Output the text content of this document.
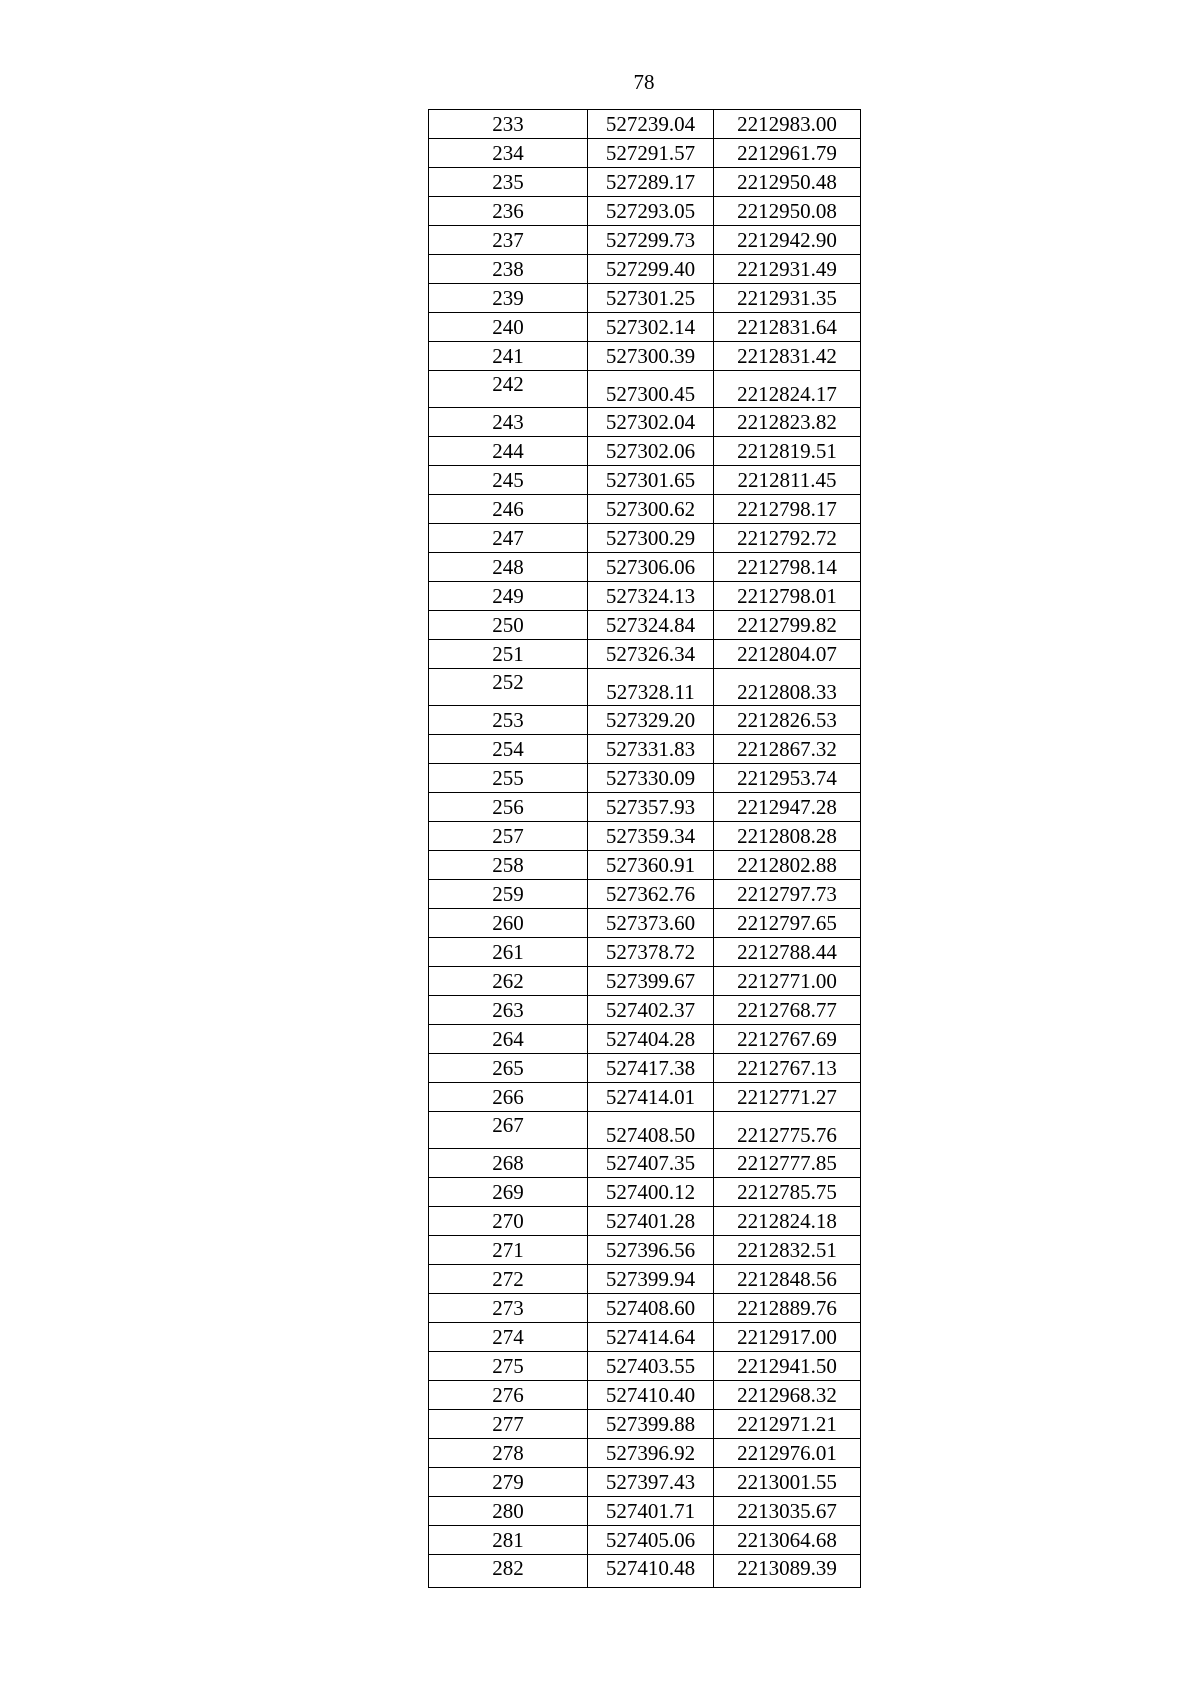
78
233	527239.04	2212983.00
234	527291.57	2212961.79
235	527289.17	2212950.48
236	527293.05	2212950.08
237	527299.73	2212942.90
238	527299.40	2212931.49
239	527301.25	2212931.35
240	527302.14	2212831.64
241	527300.39	2212831.42
242	527300.45	2212824.17
243	527302.04	2212823.82
244	527302.06	2212819.51
245	527301.65	2212811.45
246	527300.62	2212798.17
247	527300.29	2212792.72
248	527306.06	2212798.14
249	527324.13	2212798.01
250	527324.84	2212799.82
251	527326.34	2212804.07
252	527328.11	2212808.33
253	527329.20	2212826.53
254	527331.83	2212867.32
255	527330.09	2212953.74
256	527357.93	2212947.28
257	527359.34	2212808.28
258	527360.91	2212802.88
259	527362.76	2212797.73
260	527373.60	2212797.65
261	527378.72	2212788.44
262	527399.67	2212771.00
263	527402.37	2212768.77
264	527404.28	2212767.69
265	527417.38	2212767.13
266	527414.01	2212771.27
267	527408.50	2212775.76
268	527407.35	2212777.85
269	527400.12	2212785.75
270	527401.28	2212824.18
271	527396.56	2212832.51
272	527399.94	2212848.56
273	527408.60	2212889.76
274	527414.64	2212917.00
275	527403.55	2212941.50
276	527410.40	2212968.32
277	527399.88	2212971.21
278	527396.92	2212976.01
279	527397.43	2213001.55
280	527401.71	2213035.67
281	527405.06	2213064.68
282	527410.48	2213089.39
